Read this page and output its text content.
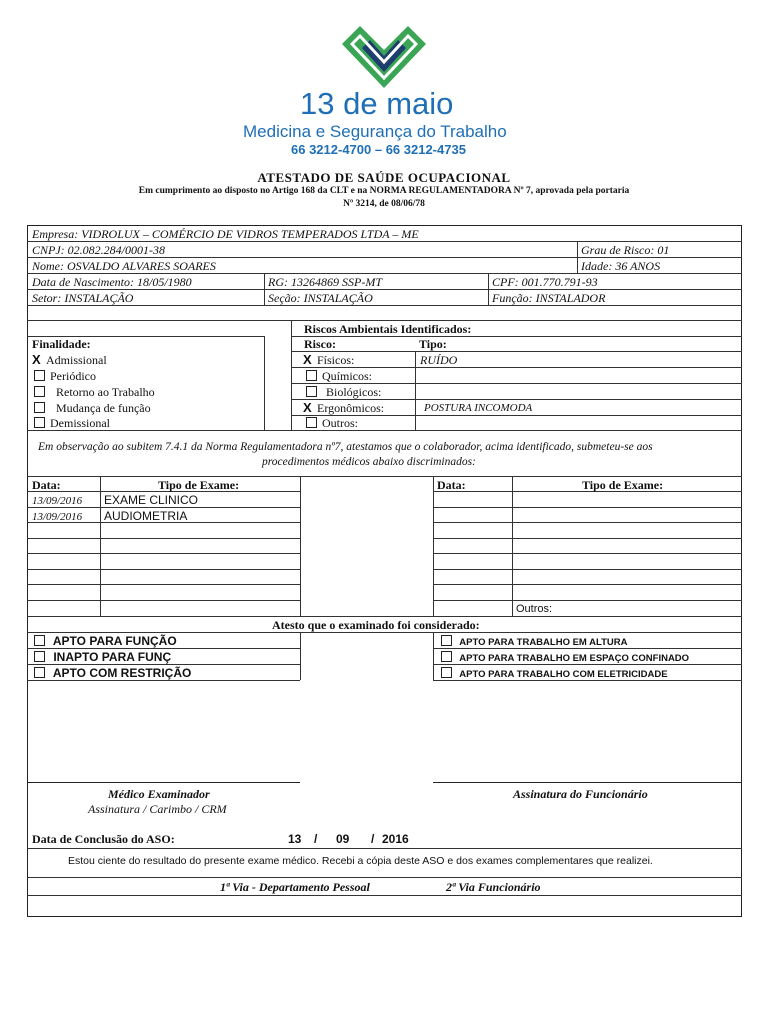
13 de maio
Medicina e Segurança do Trabalho
66 3212-4700 – 66 3212-4735
ATESTADO DE SAÚDE OCUPACIONAL
Em cumprimento ao disposto no Artigo 168 da CLT e na NORMA REGULAMENTADORA Nº 7, aprovada pela portaria
Nº 3214, de 08/06/78
Empresa: VIDROLUX – COMÉRCIO DE VIDROS TEMPERADOS LTDA – ME
CNPJ: 02.082.284/0001-38	Grau de Risco: 01
Nome: OSVALDO ALVARES SOARES	Idade: 36 ANOS
Data de Nascimento: 18/05/1980	RG: 13264869 SSP-MT	CPF: 001.770.791-93
Setor: INSTALAÇÃO	Seção: INSTALAÇÃO	Função: INSTALADOR
Finalidade:
X Admissional
Periódico
Retorno ao Trabalho
Mudança de função
Demissional
Riscos Ambientais Identificados:
Risco:	Tipo:
X Físicos:	RUÍDO
Químicos:
Biológicos:
X Ergonômicos:	POSTURA INCOMODA
Outros:
Em observação ao subitem 7.4.1 da Norma Regulamentadora nº7, atestamos que o colaborador, acima identificado, submeteu-se aos
procedimentos médicos abaixo discriminados:
Data:	Tipo de Exame:	Data:	Tipo de Exame:
13/09/2016 EXAME CLINICO
13/09/2016 AUDIOMETRIA
Outros:
Atesto que o examinado foi considerado:
APTO PARA FUNÇÃO
INAPTO PARA FUNÇ
APTO COM RESTRIÇÃO
APTO PARA TRABALHO EM ALTURA
APTO PARA TRABALHO EM ESPAÇO CONFINADO
APTO PARA TRABALHO COM ELETRICIDADE
Médico Examinador
Assinatura / Carimbo / CRM
Assinatura do Funcionário
Data de Conclusão do ASO:	13 / 09 / 2016
Estou ciente do resultado do presente exame médico. Recebi a cópia deste ASO e dos exames complementares que realizei.
1ª Via - Departamento Pessoal	2ª Via Funcionário
